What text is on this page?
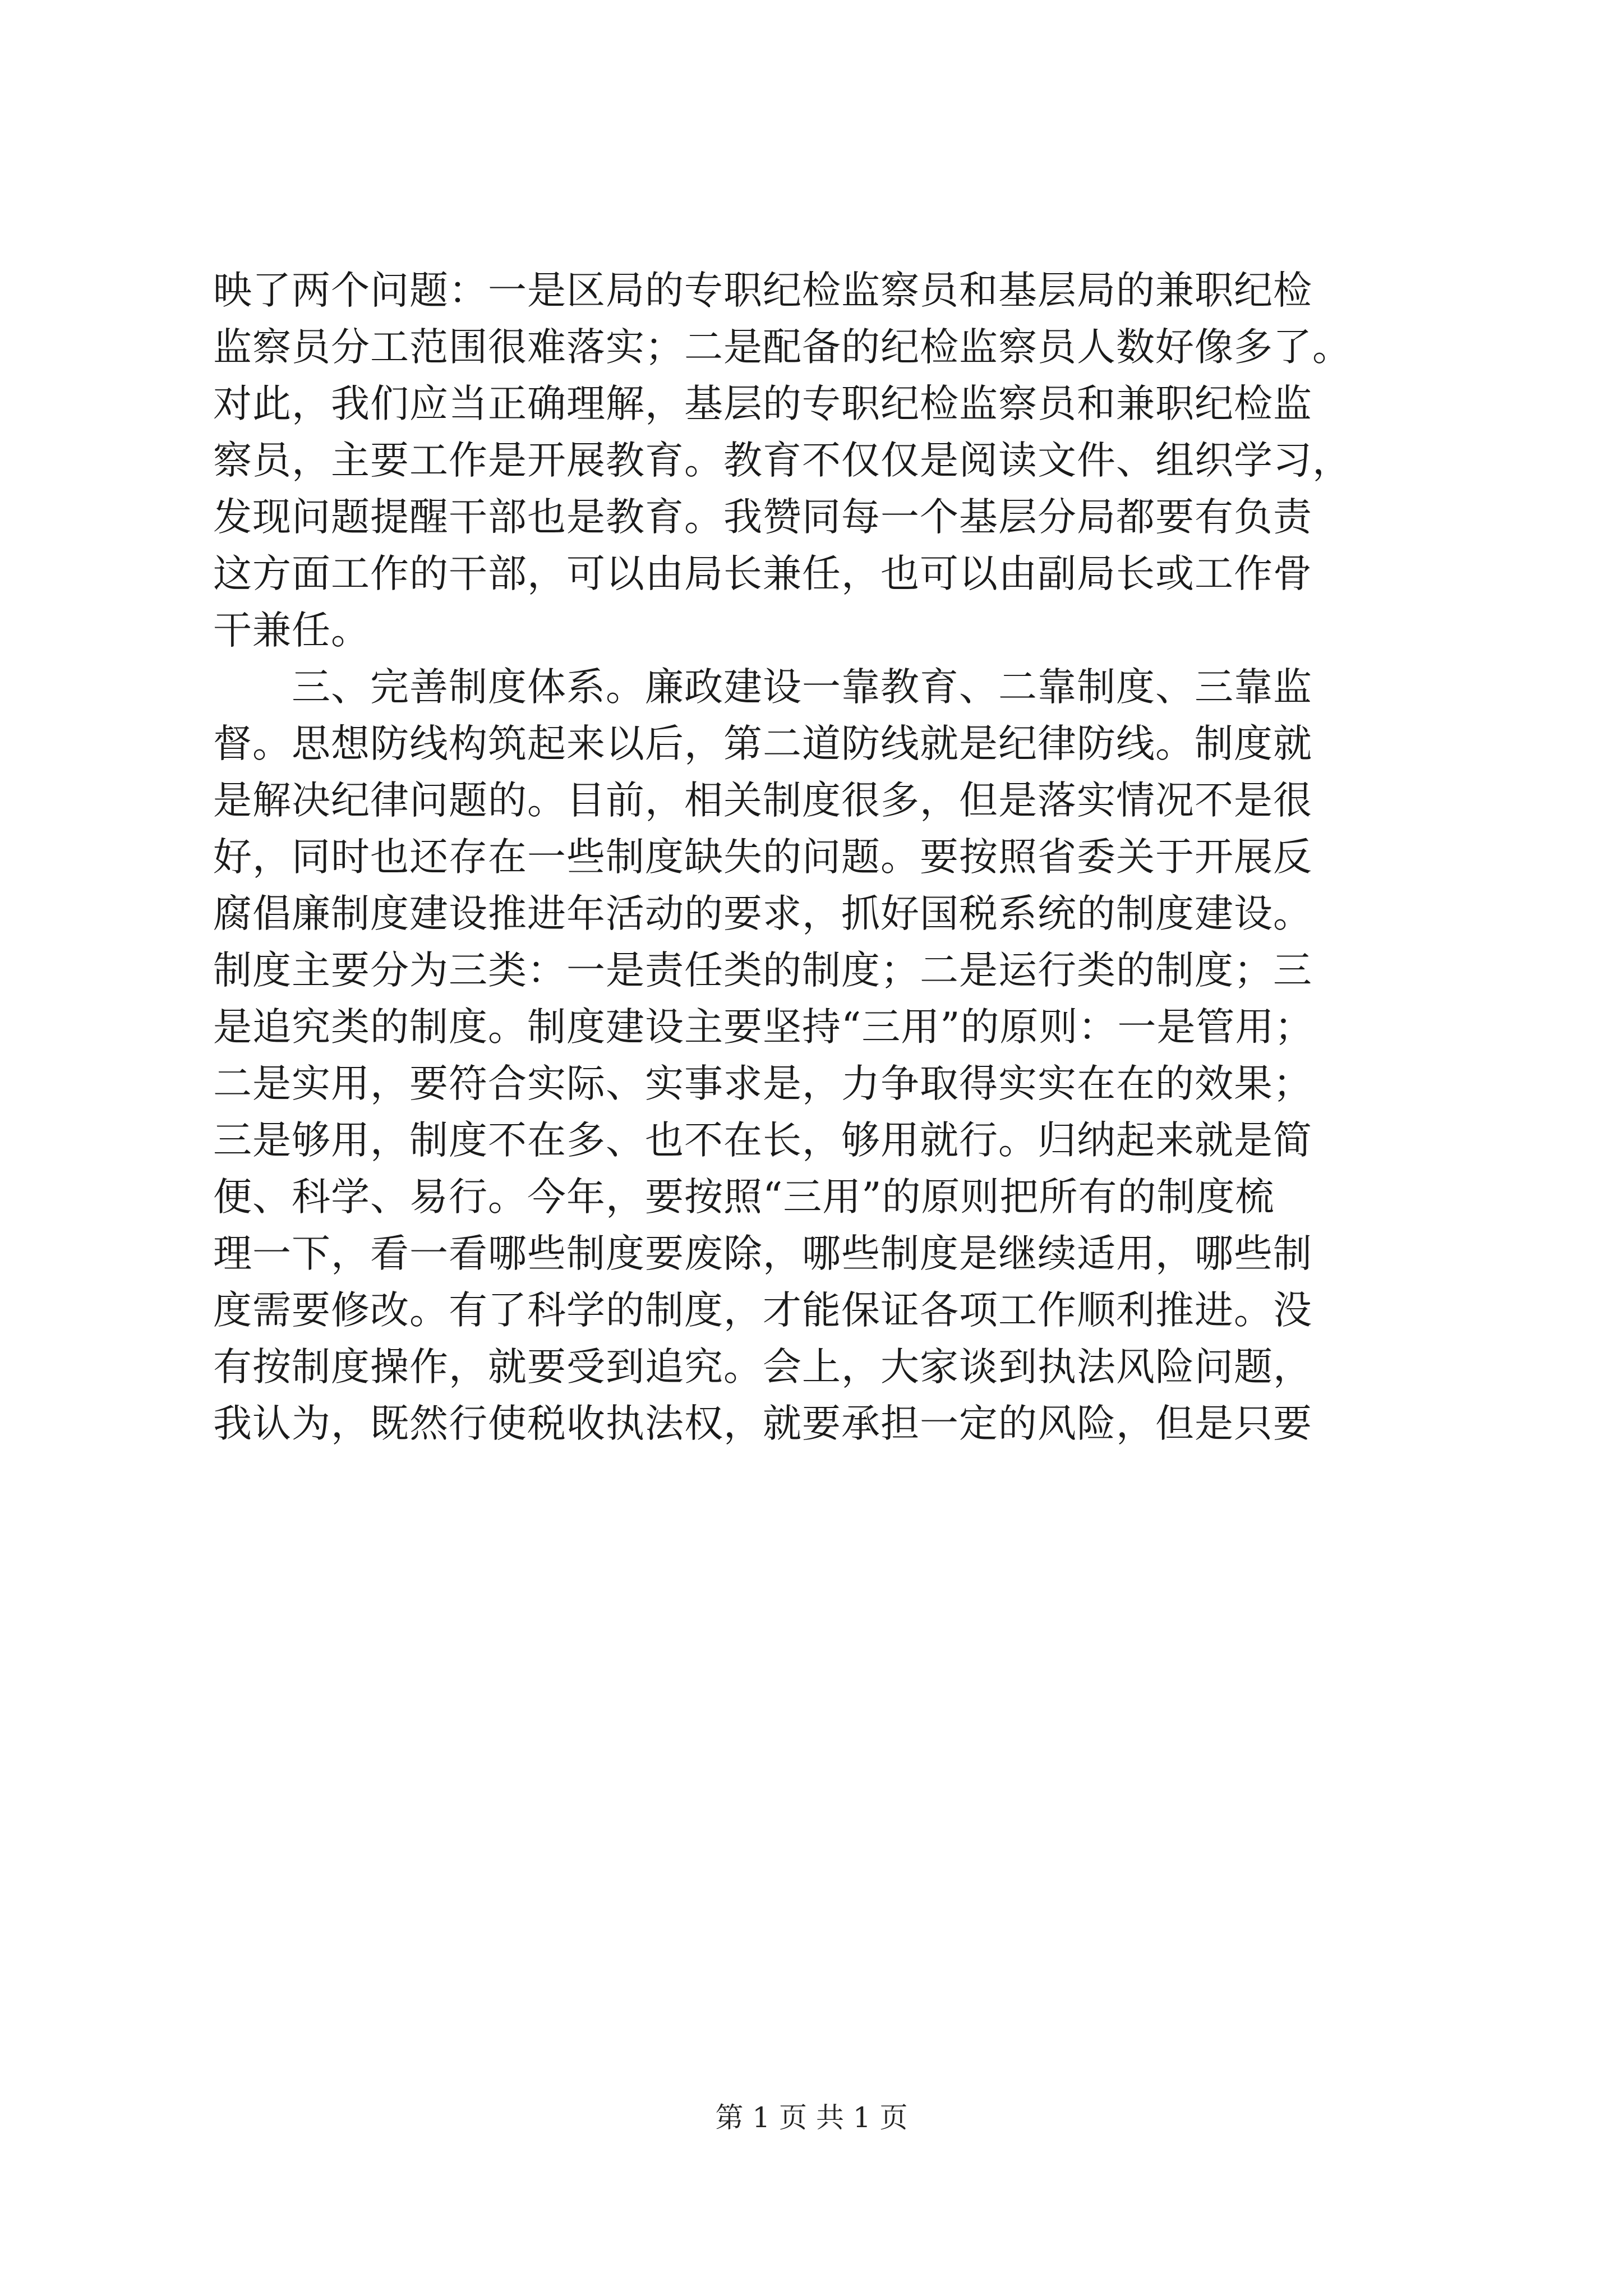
映了两个问题：一是区局的专职纪检监察员和基层局的兼职纪检
监察员分工范围很难落实；二是配备的纪检监察员人数好像多了。
对此，我们应当正确理解，基层的专职纪检监察员和兼职纪检监
察员，主要工作是开展教育。教育不仅仅是阅读文件、组织学习，
发现问题提醒干部也是教育。我赞同每一个基层分局都要有负责
这方面工作的干部，可以由局长兼任，也可以由副局长或工作骨
干兼任。
　　三、完善制度体系。廉政建设一靠教育、二靠制度、三靠监
督。思想防线构筑起来以后，第二道防线就是纪律防线。制度就
是解决纪律问题的。目前，相关制度很多，但是落实情况不是很
好，同时也还存在一些制度缺失的问题。要按照省委关于开展反
腐倡廉制度建设推进年活动的要求，抓好国税系统的制度建设。
制度主要分为三类：一是责任类的制度；二是运行类的制度；三
是追究类的制度。制度建设主要坚持“三用”的原则：一是管用；
二是实用，要符合实际、实事求是，力争取得实实在在的效果；
三是够用，制度不在多、也不在长，够用就行。归纳起来就是简
便、科学、易行。今年，要按照“三用”的原则把所有的制度梳
理一下，看一看哪些制度要废除，哪些制度是继续适用，哪些制
度需要修改。有了科学的制度，才能保证各项工作顺利推进。没
有按制度操作，就要受到追究。会上，大家谈到执法风险问题，
我认为，既然行使税收执法权，就要承担一定的风险，但是只要
第 1 页 共 1 页
